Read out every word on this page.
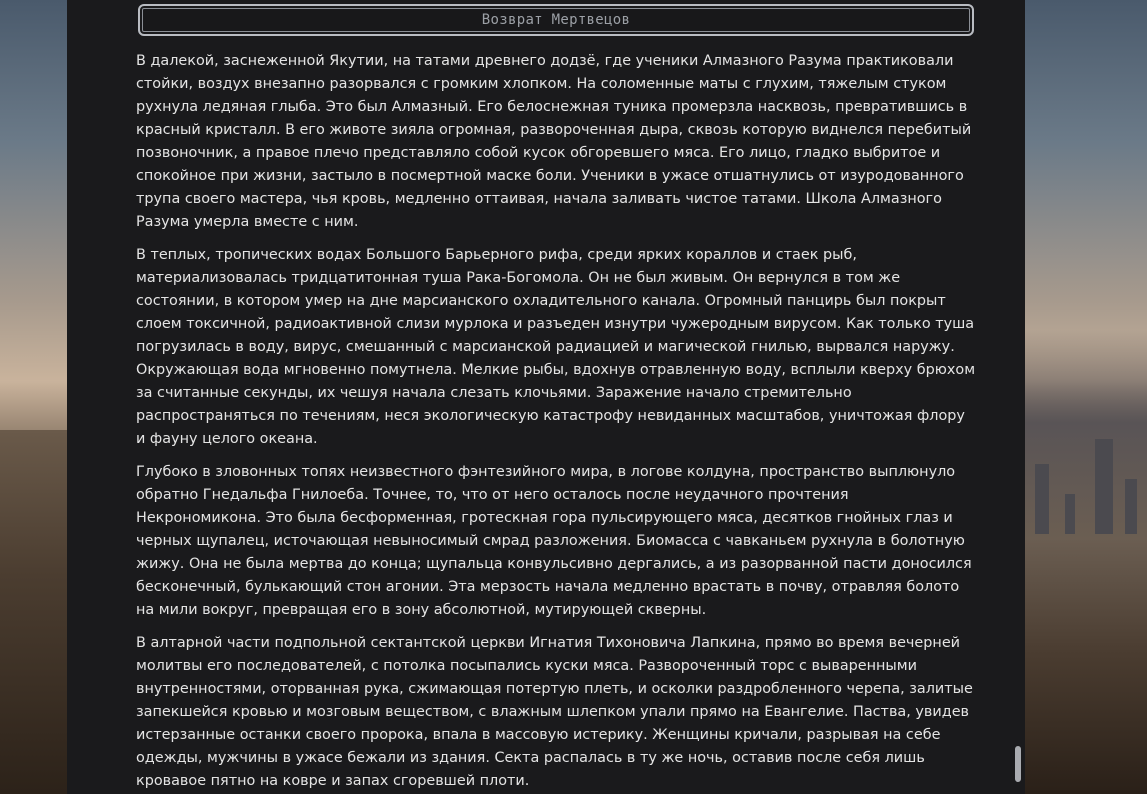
Возврат Мертвецов

В далекой, заснеженной Якутии, на татами древнего додзё, где ученики Алмазного Разума практиковали стойки, воздух внезапно разорвался с громким хлопком. На соломенные маты с глухим, тяжелым стуком рухнула ледяная глыба. Это был Алмазный. Его белоснежная туника промерзла насквозь, превратившись в красный кристалл. В его животе зияла огромная, развороченная дыра, сквозь которую виднелся перебитый позвоночник, а правое плечо представляло собой кусок обгоревшего мяса. Его лицо, гладко выбритое и спокойное при жизни, застыло в посмертной маске боли. Ученики в ужасе отшатнулись от изуродованного трупа своего мастера, чья кровь, медленно оттаивая, начала заливать чистое татами. Школа Алмазного Разума умерла вместе с ним.

В теплых, тропических водах Большого Барьерного рифа, среди ярких кораллов и стаек рыб, материализовалась тридцатитонная туша Рака-Богомола. Он не был живым. Он вернулся в том же состоянии, в котором умер на дне марсианского охладительного канала. Огромный панцирь был покрыт слоем токсичной, радиоактивной слизи мурлока и разъеден изнутри чужеродным вирусом. Как только туша погрузилась в воду, вирус, смешанный с марсианской радиацией и магической гнилью, вырвался наружу. Окружающая вода мгновенно помутнела. Мелкие рыбы, вдохнув отравленную воду, всплыли кверху брюхом за считанные секунды, их чешуя начала слезать клочьями. Заражение начало стремительно распространяться по течениям, неся экологическую катастрофу невиданных масштабов, уничтожая флору и фауну целого океана.

Глубоко в зловонных топях неизвестного фэнтезийного мира, в логове колдуна, пространство выплюнуло обратно Гнедальфа Гнилоеба. Точнее, то, что от него осталось после неудачного прочтения Некрономикона. Это была бесформенная, гротескная гора пульсирующего мяса, десятков гнойных глаз и черных щупалец, источающая невыносимый смрад разложения. Биомасса с чавканьем рухнула в болотную жижу. Она не была мертва до конца; щупальца конвульсивно дергались, а из разорванной пасти доносился бесконечный, булькающий стон агонии. Эта мерзость начала медленно врастать в почву, отравляя болото на мили вокруг, превращая его в зону абсолютной, мутирующей скверны.

В алтарной части подпольной сектантской церкви Игнатия Тихоновича Лапкина, прямо во время вечерней молитвы его последователей, с потолка посыпались куски мяса. Развороченный торс с вываренными внутренностями, оторванная рука, сжимающая потертую плеть, и осколки раздробленного черепа, залитые запекшейся кровью и мозговым веществом, с влажным шлепком упали прямо на Евангелие. Паства, увидев истерзанные останки своего пророка, впала в массовую истерику. Женщины кричали, разрывая на себе одежды, мужчины в ужасе бежали из здания. Секта распалась в ту же ночь, оставив после себя лишь кровавое пятно на ковре и запах сгоревшей плоти.
